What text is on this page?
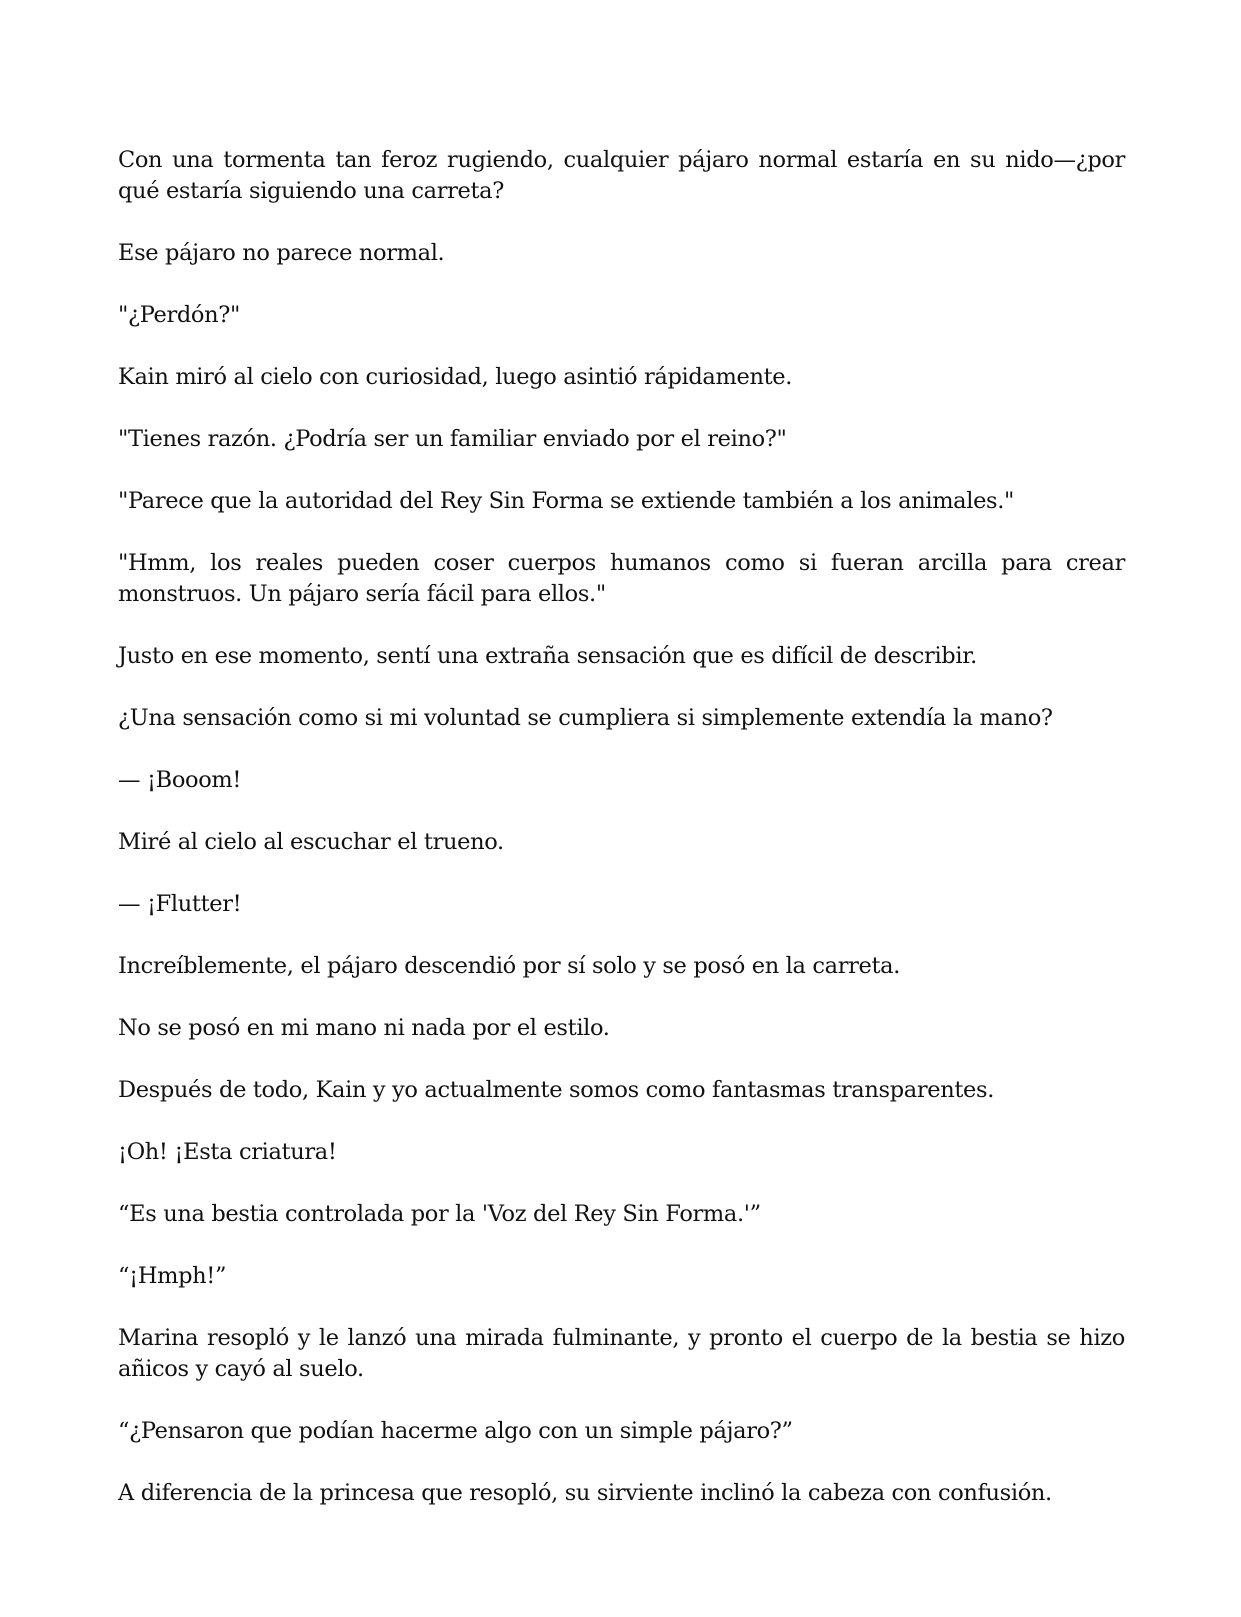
Con una tormenta tan feroz rugiendo, cualquier pájaro normal estaría en su nido—¿por qué estaría siguiendo una carreta?

Ese pájaro no parece normal.

"¿Perdón?"

Kain miró al cielo con curiosidad, luego asintió rápidamente.

"Tienes razón. ¿Podría ser un familiar enviado por el reino?"

"Parece que la autoridad del Rey Sin Forma se extiende también a los animales."

"Hmm, los reales pueden coser cuerpos humanos como si fueran arcilla para crear monstruos. Un pájaro sería fácil para ellos."

Justo en ese momento, sentí una extraña sensación que es difícil de describir.

¿Una sensación como si mi voluntad se cumpliera si simplemente extendía la mano?

— ¡Booom!

Miré al cielo al escuchar el trueno.

— ¡Flutter!

Increíblemente, el pájaro descendió por sí solo y se posó en la carreta.

No se posó en mi mano ni nada por el estilo.

Después de todo, Kain y yo actualmente somos como fantasmas transparentes.

¡Oh! ¡Esta criatura!

“Es una bestia controlada por la 'Voz del Rey Sin Forma.'”

“¡Hmph!”

Marina resopló y le lanzó una mirada fulminante, y pronto el cuerpo de la bestia se hizo añicos y cayó al suelo.

“¿Pensaron que podían hacerme algo con un simple pájaro?”

A diferencia de la princesa que resopló, su sirviente inclinó la cabeza con confusión.
